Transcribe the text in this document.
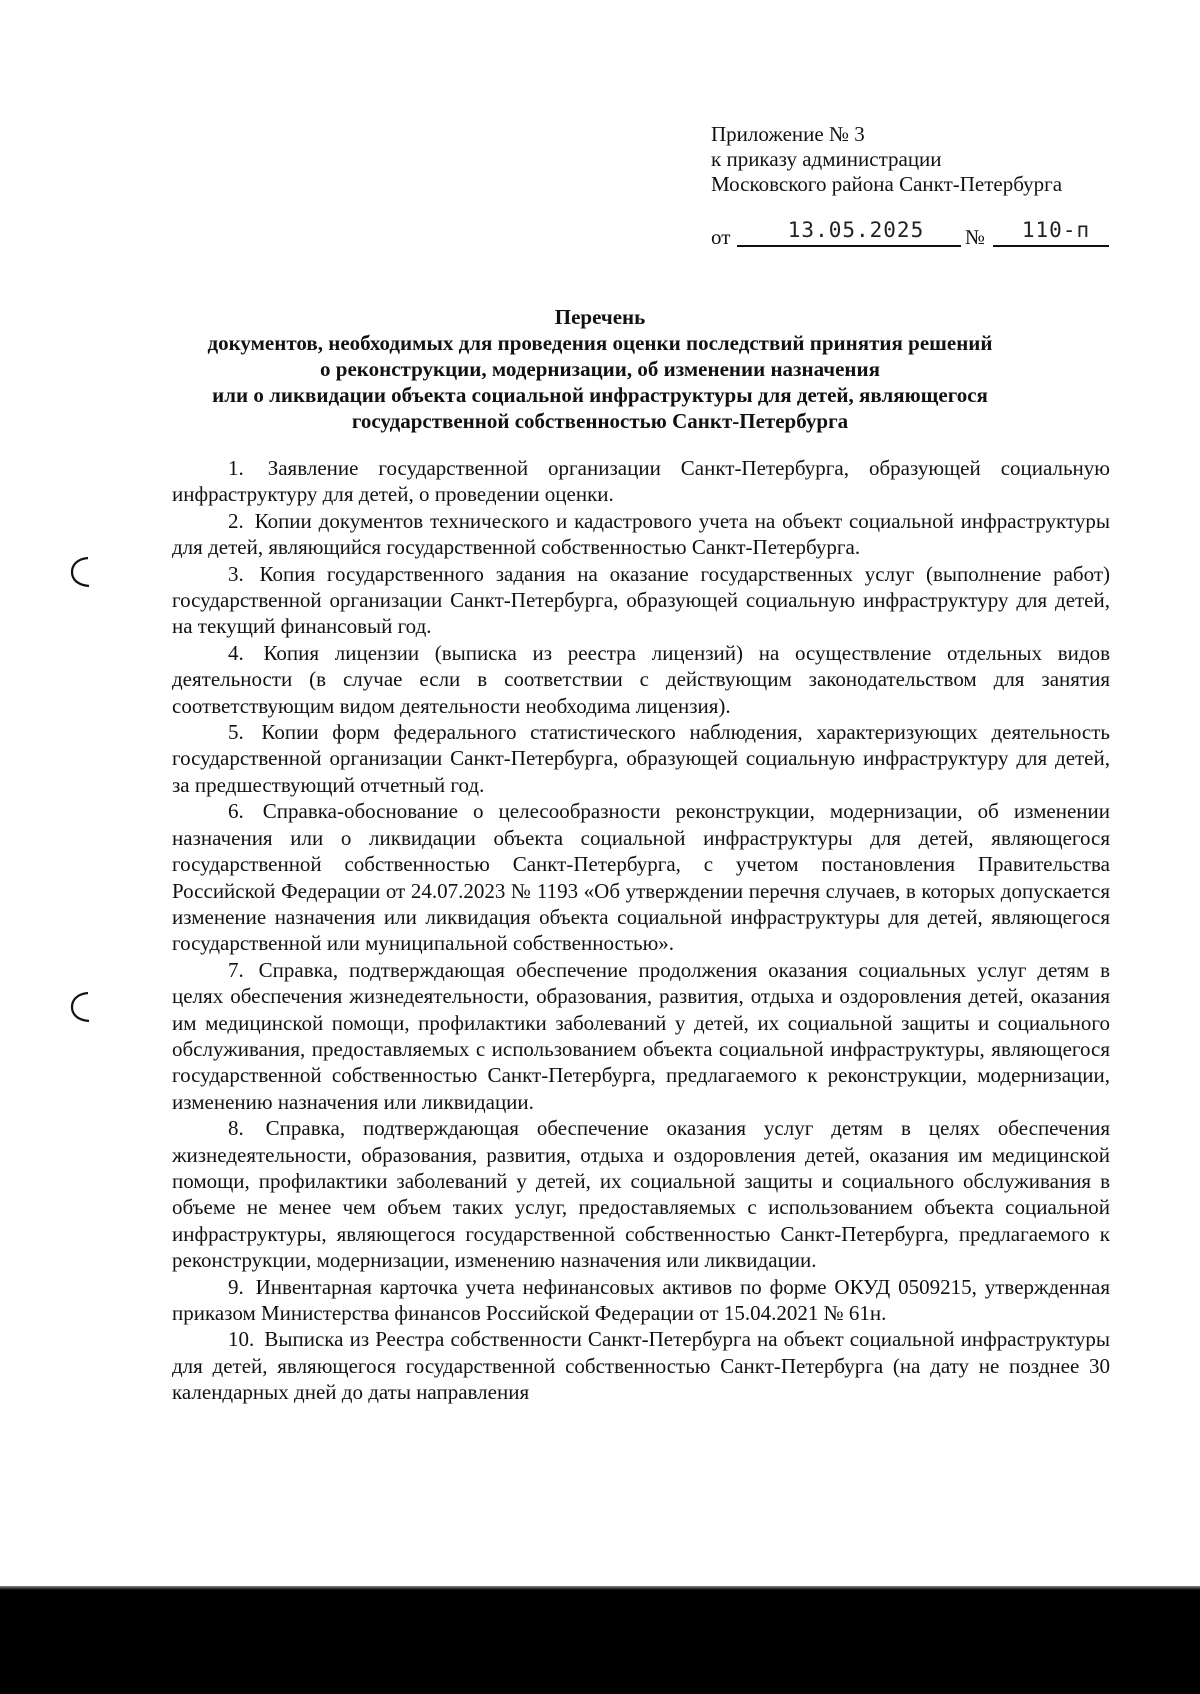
Приложение № 3
к приказу администрации
Московского района Санкт-Петербурга
от	13.05.2025	№	110-п
Перечень
документов, необходимых для проведения оценки последствий принятия решений
о реконструкции, модернизации, об изменении назначения
или о ликвидации объекта социальной инфраструктуры для детей, являющегося
государственной собственностью Санкт-Петербурга

1. Заявление государственной организации Санкт-Петербурга, образующей социальную инфраструктуру для детей, о проведении оценки.

2. Копии документов технического и кадастрового учета на объект социальной инфраструктуры для детей, являющийся государственной собственностью Санкт-Петербурга.

3. Копия государственного задания на оказание государственных услуг (выполнение работ) государственной организации Санкт-Петербурга, образующей социальную инфраструктуру для детей, на текущий финансовый год.

4. Копия лицензии (выписка из реестра лицензий) на осуществление отдельных видов деятельности (в случае если в соответствии с действующим законодательством для занятия соответствующим видом деятельности необходима лицензия).

5. Копии форм федерального статистического наблюдения, характеризующих деятельность государственной организации Санкт-Петербурга, образующей социальную инфраструктуру для детей, за предшествующий отчетный год.

6. Справка-обоснование о целесообразности реконструкции, модернизации, об изменении назначения или о ликвидации объекта социальной инфраструктуры для детей, являющегося государственной собственностью Санкт-Петербурга, с учетом постановления Правительства Российской Федерации от 24.07.2023 № 1193 «Об утверждении перечня случаев, в которых допускается изменение назначения или ликвидация объекта социальной инфраструктуры для детей, являющегося государственной или муниципальной собственностью».

7. Справка, подтверждающая обеспечение продолжения оказания социальных услуг детям в целях обеспечения жизнедеятельности, образования, развития, отдыха и оздоровления детей, оказания им медицинской помощи, профилактики заболеваний у детей, их социальной защиты и социального обслуживания, предоставляемых с использованием объекта социальной инфраструктуры, являющегося государственной собственностью Санкт-Петербурга, предлагаемого к реконструкции, модернизации, изменению назначения или ликвидации.

8. Справка, подтверждающая обеспечение оказания услуг детям в целях обеспечения жизнедеятельности, образования, развития, отдыха и оздоровления детей, оказания им медицинской помощи, профилактики заболеваний у детей, их социальной защиты и социального обслуживания в объеме не менее чем объем таких услуг, предоставляемых с использованием объекта социальной инфраструктуры, являющегося государственной собственностью Санкт-Петербурга, предлагаемого к реконструкции, модернизации, изменению назначения или ликвидации.

9. Инвентарная карточка учета нефинансовых активов по форме ОКУД 0509215, утвержденная приказом Министерства финансов Российской Федерации от 15.04.2021 № 61н.

10. Выписка из Реестра собственности Санкт-Петербурга на объект социальной инфраструктуры для детей, являющегося государственной собственностью Санкт-Петербурга (на дату не позднее 30 календарных дней до даты направления
